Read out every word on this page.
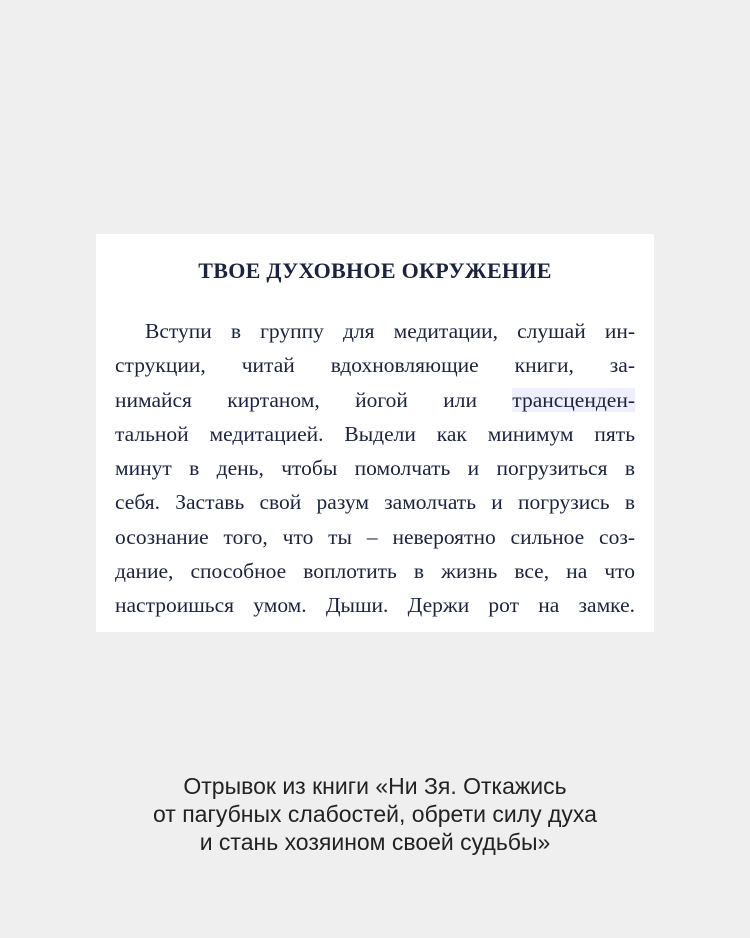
ТВОЕ ДУХОВНОЕ ОКРУЖЕНИЕ
Вступи в группу для медитации, слушай ин-
струкции, читай вдохновляющие книги, за-
нимайся киртаном, йогой или трансценден-
тальной медитацией. Выдели как минимум пять
минут в день, чтобы помолчать и погрузиться в
себя. Заставь свой разум замолчать и погрузись в
осознание того, что ты – невероятно сильное соз-
дание, способное воплотить в жизнь все, на что
настроишься умом. Дыши. Держи рот на замке.
Отрывок из книги «Ни Зя. Откажись
от пагубных слабостей, обрети силу духа
и стань хозяином своей судьбы»
